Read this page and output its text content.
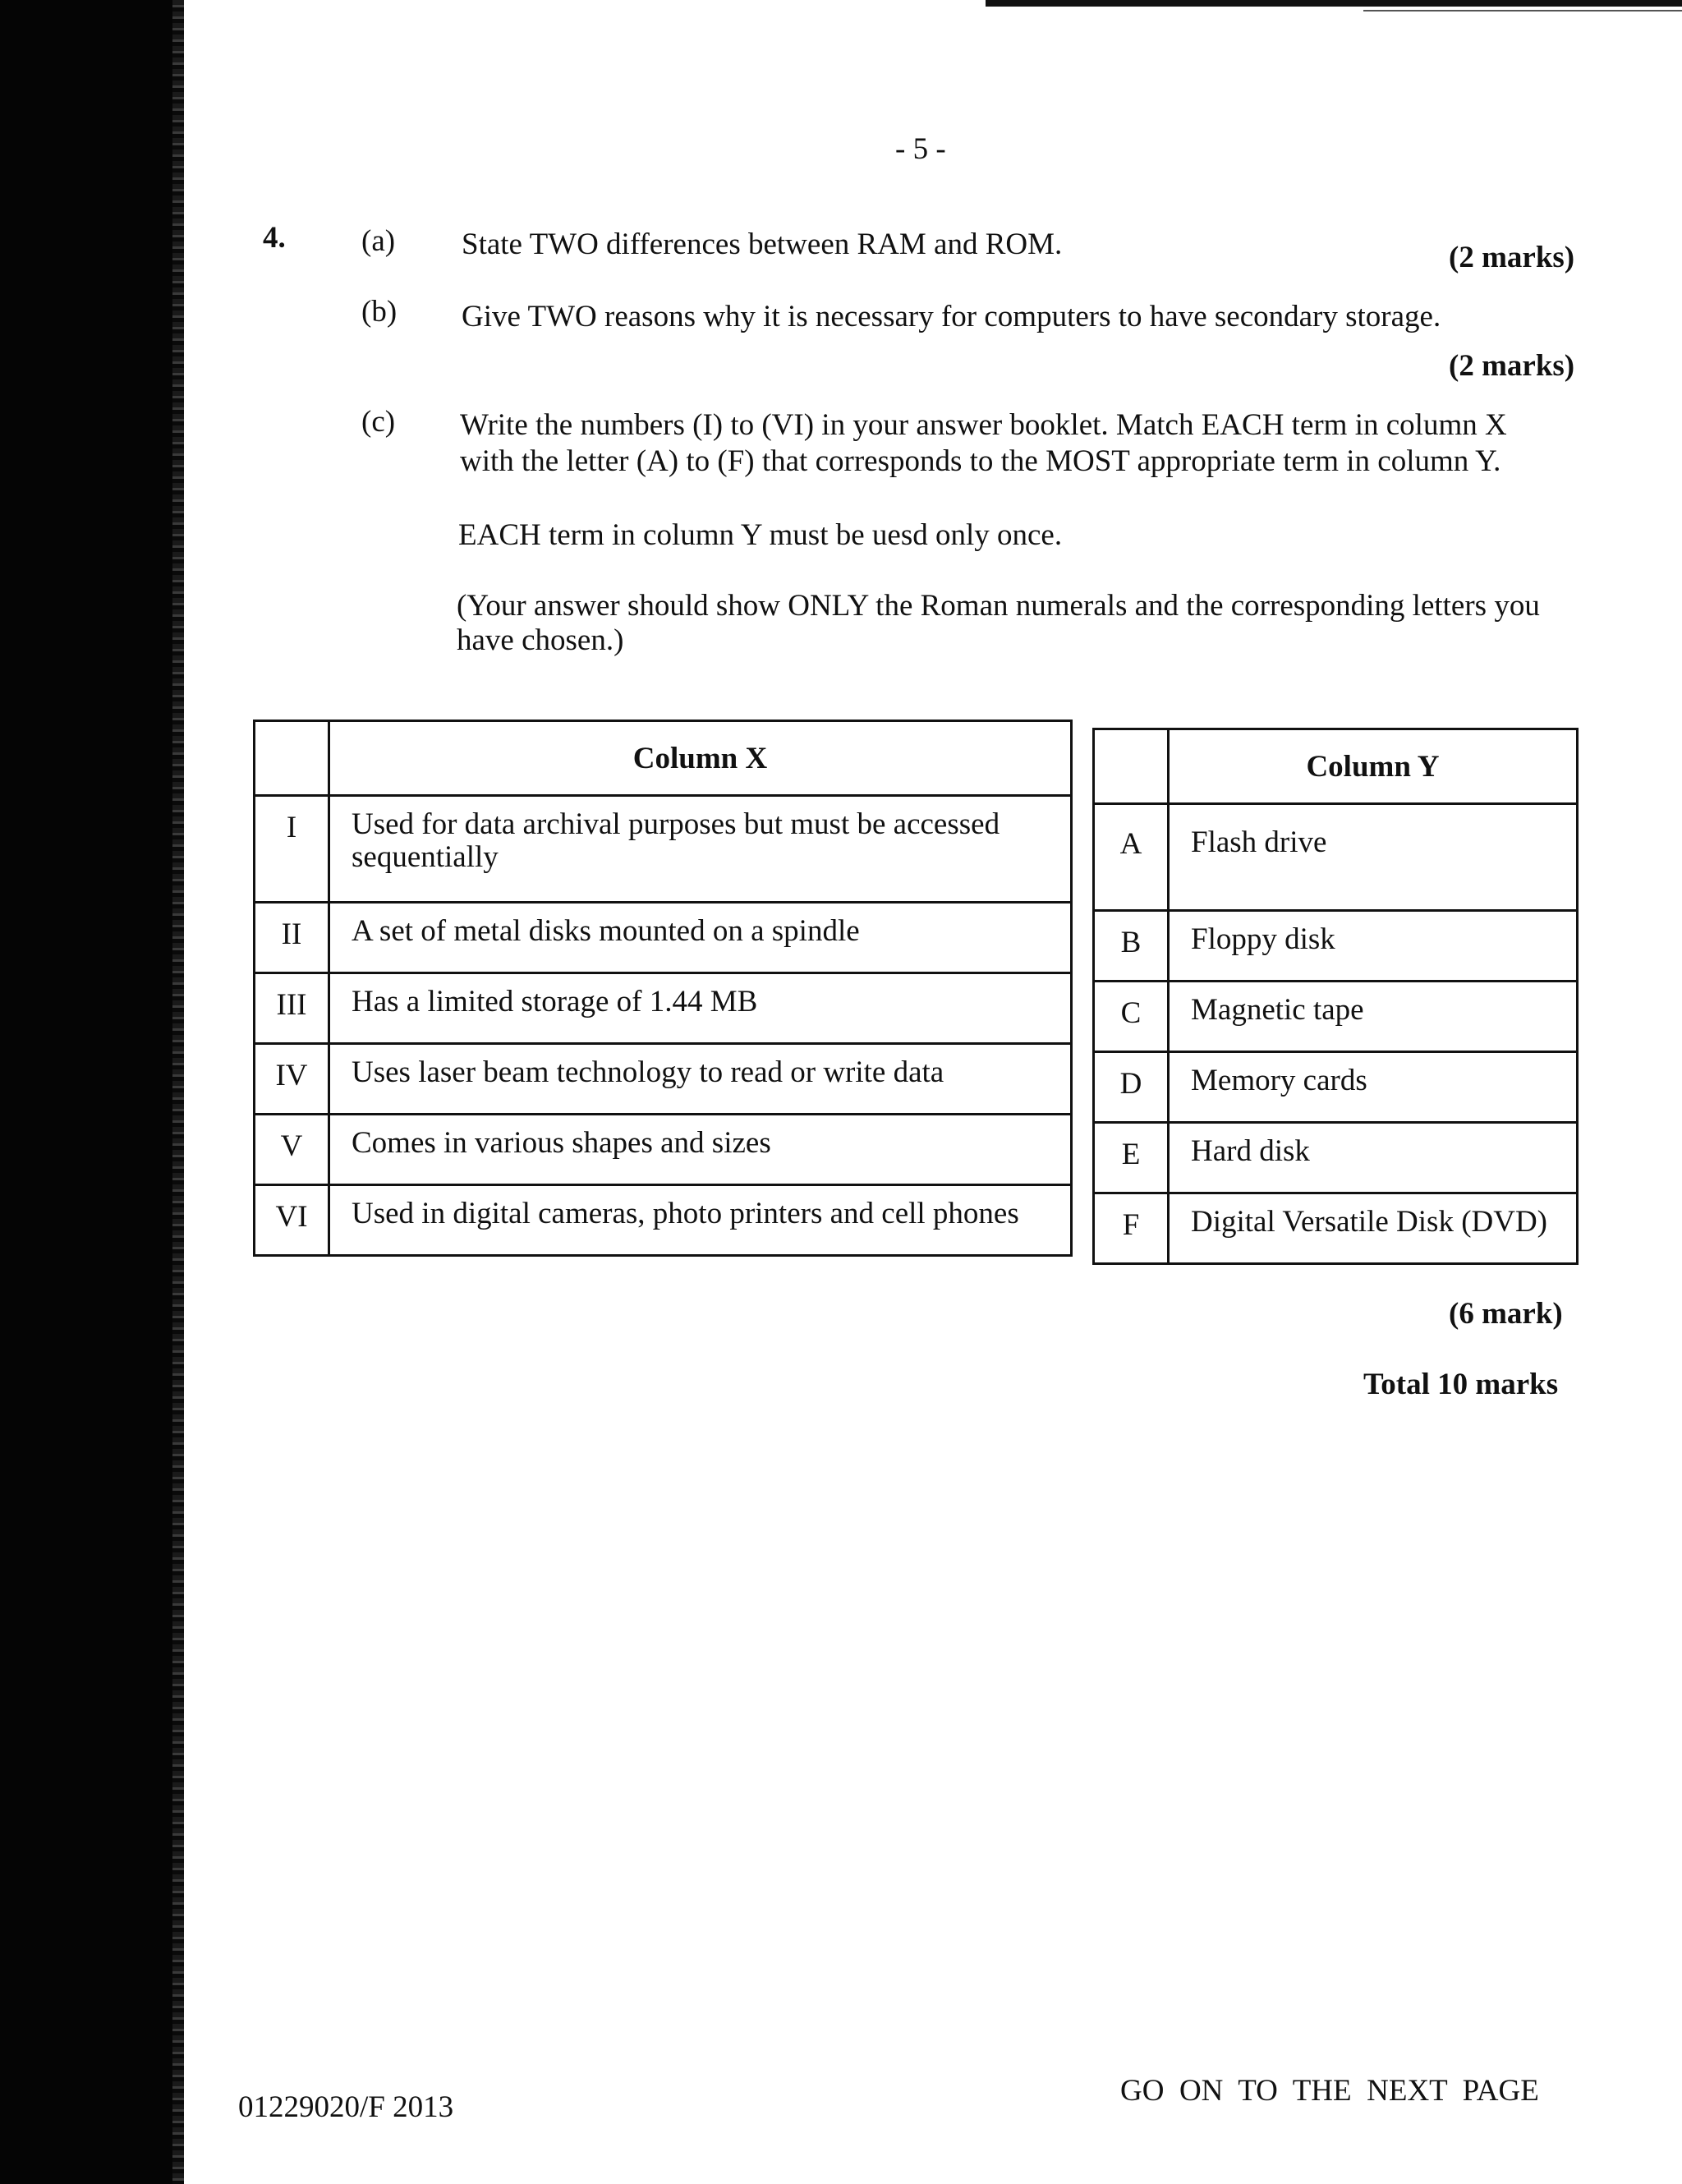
- 5 -
4. (a) State TWO differences between RAM and ROM.	(2 marks)
(b) Give TWO reasons why it is necessary for computers to have secondary storage.
(2 marks)
(c) Write the numbers (I) to (VI) in your answer booklet. Match EACH term in column X
with the letter (A) to (F) that corresponds to the MOST appropriate term in column Y.
EACH term in column Y must be uesd only once.
(Your answer should show ONLY the Roman numerals and the corresponding letters you
have chosen.)
	Column X
I	Used for data archival purposes but must be accessed
sequentially
II	A set of metal disks mounted on a spindle
III	Has a limited storage of 1.44 MB
IV	Uses laser beam technology to read or write data
V	Comes in various shapes and sizes
VI	Used in digital cameras, photo printers and cell phones
	Column Y
A	Flash drive
B	Floppy disk
C	Magnetic tape
D	Memory cards
E	Hard disk
F	Digital Versatile Disk (DVD)
(6 mark)
Total 10 marks
01229020/F 2013	GO  ON  TO  THE  NEXT  PAGE
